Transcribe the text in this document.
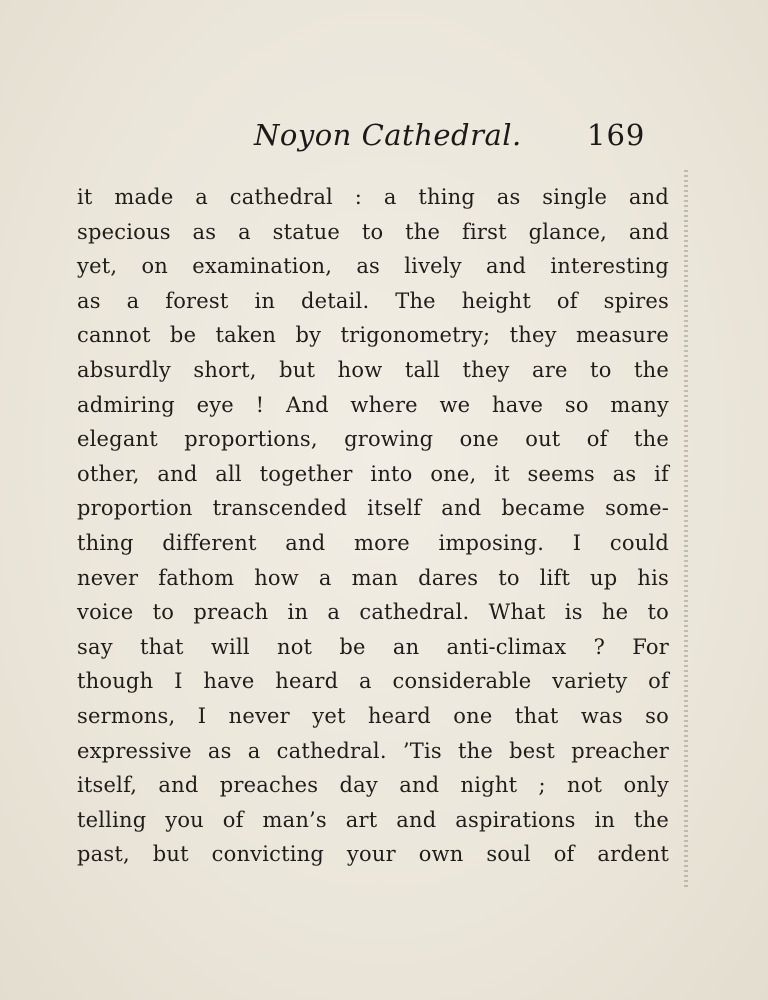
Noyon Cathedral. 169
it made a cathedral : a thing as single and
specious as a statue to the first glance, and
yet, on examination, as lively and interesting
as a forest in detail. The height of spires
cannot be taken by trigonometry; they measure
absurdly short, but how tall they are to the
admiring eye ! And where we have so many
elegant proportions, growing one out of the
other, and all together into one, it seems as if
proportion transcended itself and became some-
thing different and more imposing. I could
never fathom how a man dares to lift up his
voice to preach in a cathedral. What is he to
say that will not be an anti-climax ? For
though I have heard a considerable variety of
sermons, I never yet heard one that was so
expressive as a cathedral. ’Tis the best preacher
itself, and preaches day and night ; not only
telling you of man’s art and aspirations in the
past, but convicting your own soul of ardent
